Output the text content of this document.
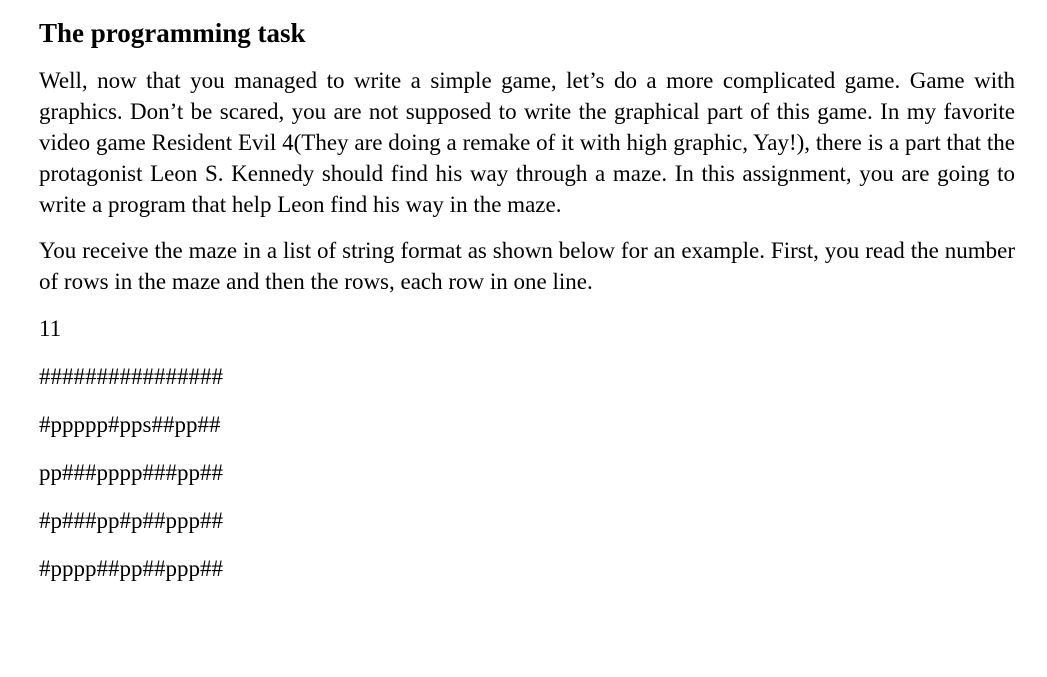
The programming task

Well, now that you managed to write a simple game, let’s do a more complicated game. Game with graphics. Don’t be scared, you are not supposed to write the graphical part of this game. In my favorite video game Resident Evil 4(They are doing a remake of it with high graphic, Yay!), there is a part that the protagonist Leon S. Kennedy should find his way through a maze. In this assignment, you are going to write a program that help Leon find his way in the maze.

You receive the maze in a list of string format as shown below for an example. First, you read the number of rows in the maze and then the rows, each row in one line.

11

################
#ppppp#pps##pp##
pp###pppp###pp##
#p###pp#p##ppp##
#pppp##pp##ppp##
